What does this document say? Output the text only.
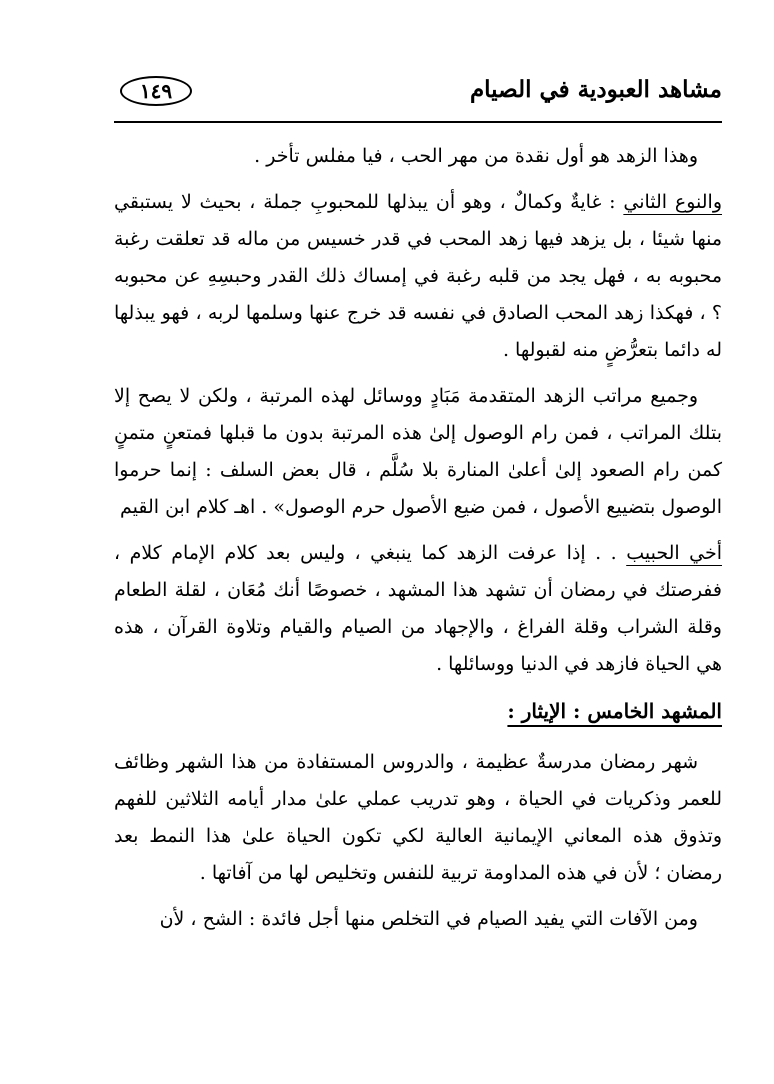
مشاهد العبودية في الصيام
١٤٩

وهذا الزهد هو أول نقدة من مهر الحب ، فيا مفلس تأخر .

والنوع الثاني : غايةٌ وكمالٌ ، وهو أن يبذلها للمحبوبِ جملة ، بحيث لا يستبقي منها شيئا ، بل يزهد فيها زهد المحب في قدر خسيس من ماله قد تعلقت رغبة محبوبه به ، فهل يجد من قلبه رغبة في إمساك ذلك القدر وحبسِهِ عن محبوبه ؟ ، فهكذا زهد المحب الصادق في نفسه قد خرج عنها وسلمها لربه ، فهو يبذلها له دائما بتعرُّضٍ منه لقبولها .

وجميع مراتب الزهد المتقدمة مَبَادٍ ووسائل لهذه المرتبة ، ولكن لا يصح إلا بتلك المراتب ، فمن رام الوصول إلىٰ هذه المرتبة بدون ما قبلها فمتعنٍ متمنٍ كمن رام الصعود إلىٰ أعلىٰ المنارة بلا سُلَّم ، قال بعض السلف : إنما حرموا الوصول بتضييع الأصول ، فمن ضيع الأصول حرم الوصول» . اهـ كلام ابن القيم

أخي الحبيب . . إذا عرفت الزهد كما ينبغي ، وليس بعد كلام الإمام كلام ، ففرصتك في رمضان أن تشهد هذا المشهد ، خصوصًا أنك مُعَان ، لقلة الطعام وقلة الشراب وقلة الفراغ ، والإجهاد من الصيام والقيام وتلاوة القرآن ، هذه هي الحياة فازهد في الدنيا ووسائلها .

المشهد الخامس : الإيثار :

شهر رمضان مدرسةٌ عظيمة ، والدروس المستفادة من هذا الشهر وظائف للعمر وذكريات في الحياة ، وهو تدريب عملي علىٰ مدار أيامه الثلاثين للفهم وتذوق هذه المعاني الإيمانية العالية لكي تكون الحياة علىٰ هذا النمط بعد رمضان ؛ لأن في هذه المداومة تربية للنفس وتخليص لها من آفاتها .

ومن الآفات التي يفيد الصيام في التخلص منها أجل فائدة : الشح ، لأن
